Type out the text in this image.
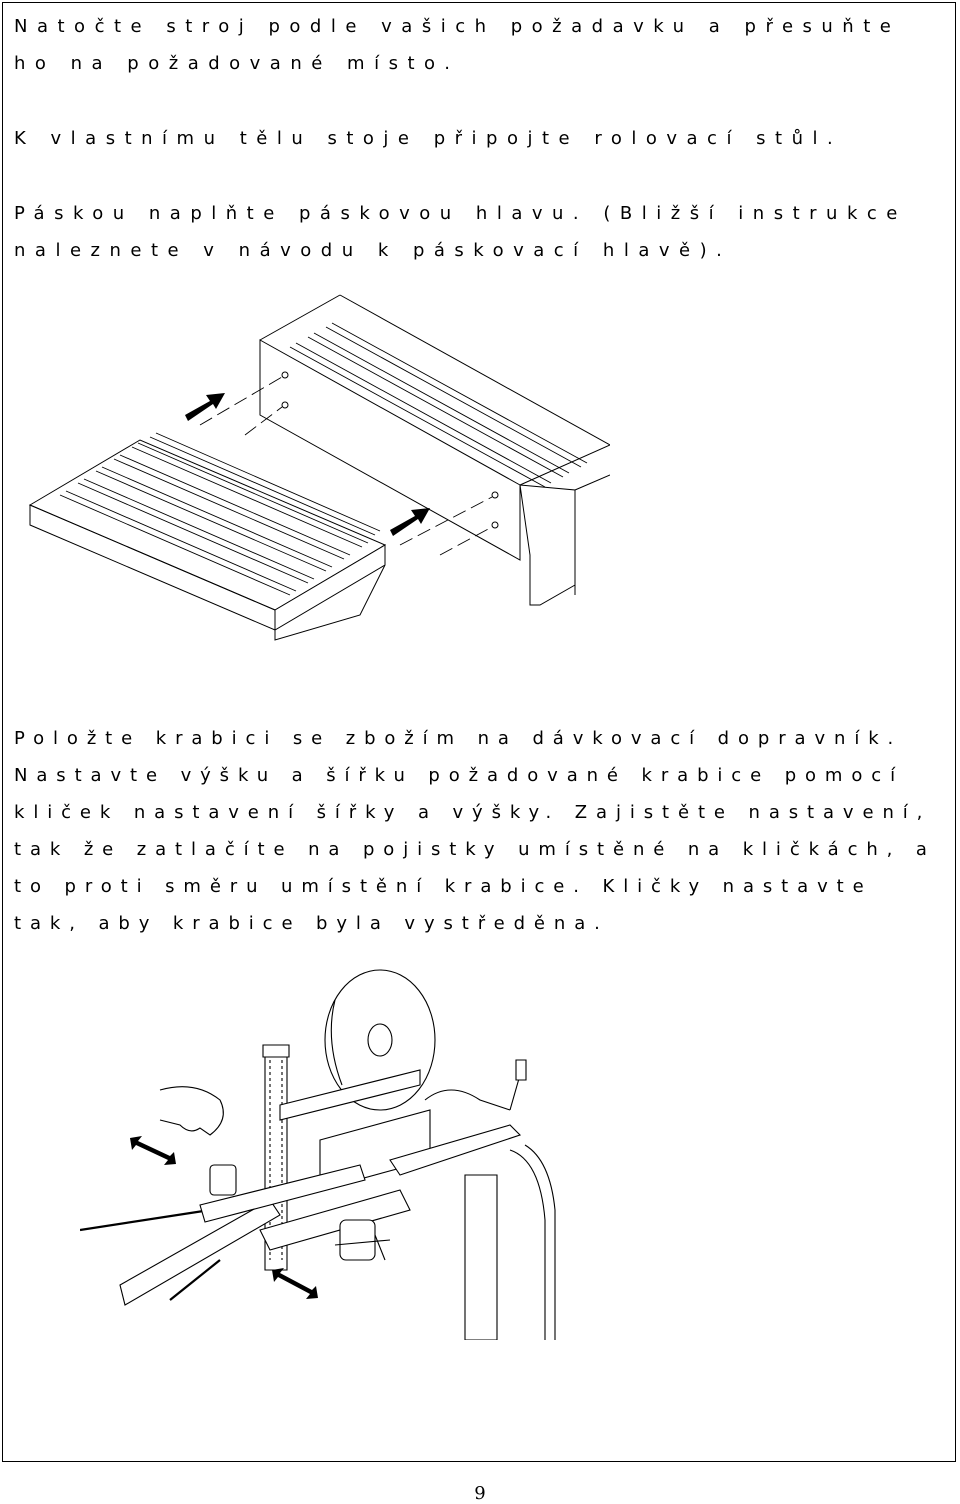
Natočte stroj podle vašich požadavku a přesuňte ho na požadované místo.

K vlastnímu tělu stoje připojte rolovací stůl.

Páskou naplňte páskovou hlavu. (Bližší instrukce naleznete v návodu k páskovací hlavě).

Položte krabici se zbožím na dávkovací dopravník. Nastavte výšku a šířku požadované krabice pomocí kliček nastavení šířky a výšky. Zajistěte nastavení, tak že zatlačíte na pojistky umístěné na kličkách, a to proti směru umístění krabice. Kličky nastavte tak, aby krabice byla vystředěna.

9
